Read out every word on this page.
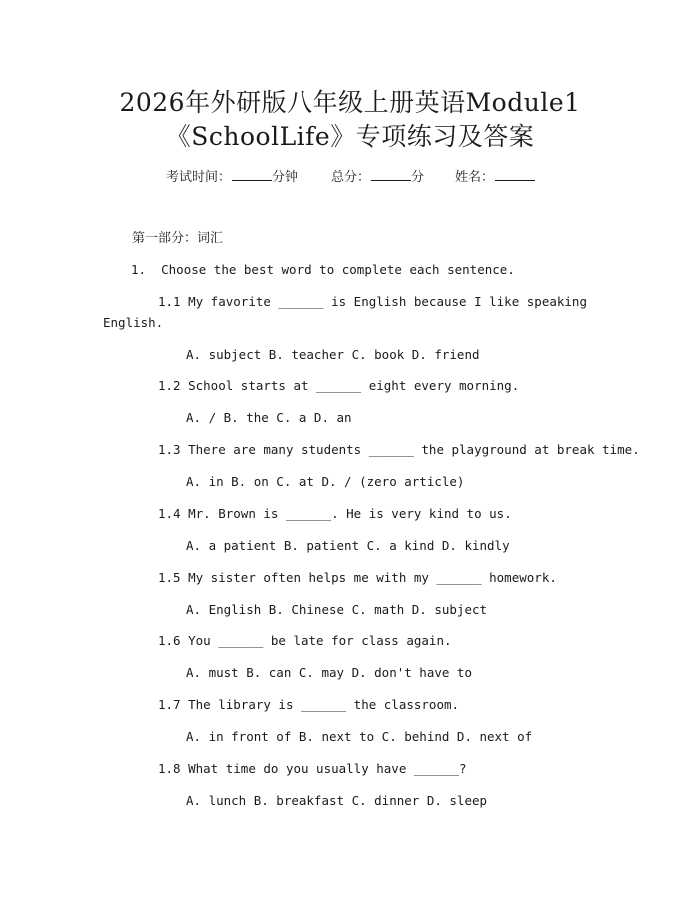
2026年外研版八年级上册英语Module1
《SchoolLife》专项练习及答案
考试时间：	分钟	总分：	分 姓名：
第一部分：词汇
1. Choose the best word to complete each sentence.
1.1 My favorite ______ is English because I like speaking
English.
A. subject B. teacher C. book D. friend
1.2 School starts at ______ eight every morning.
A. / B. the C. a D. an
1.3 There are many students ______ the playground at break time.
A. in B. on C. at D. / (zero article)
1.4 Mr. Brown is ______. He is very kind to us.
A. a patient B. patient C. a kind D. kindly
1.5 My sister often helps me with my ______ homework.
A. English B. Chinese C. math D. subject
1.6 You ______ be late for class again.
A. must B. can C. may D. don't have to
1.7 The library is ______ the classroom.
A. in front of B. next to C. behind D. next of
1.8 What time do you usually have ______?
A. lunch B. breakfast C. dinner D. sleep
